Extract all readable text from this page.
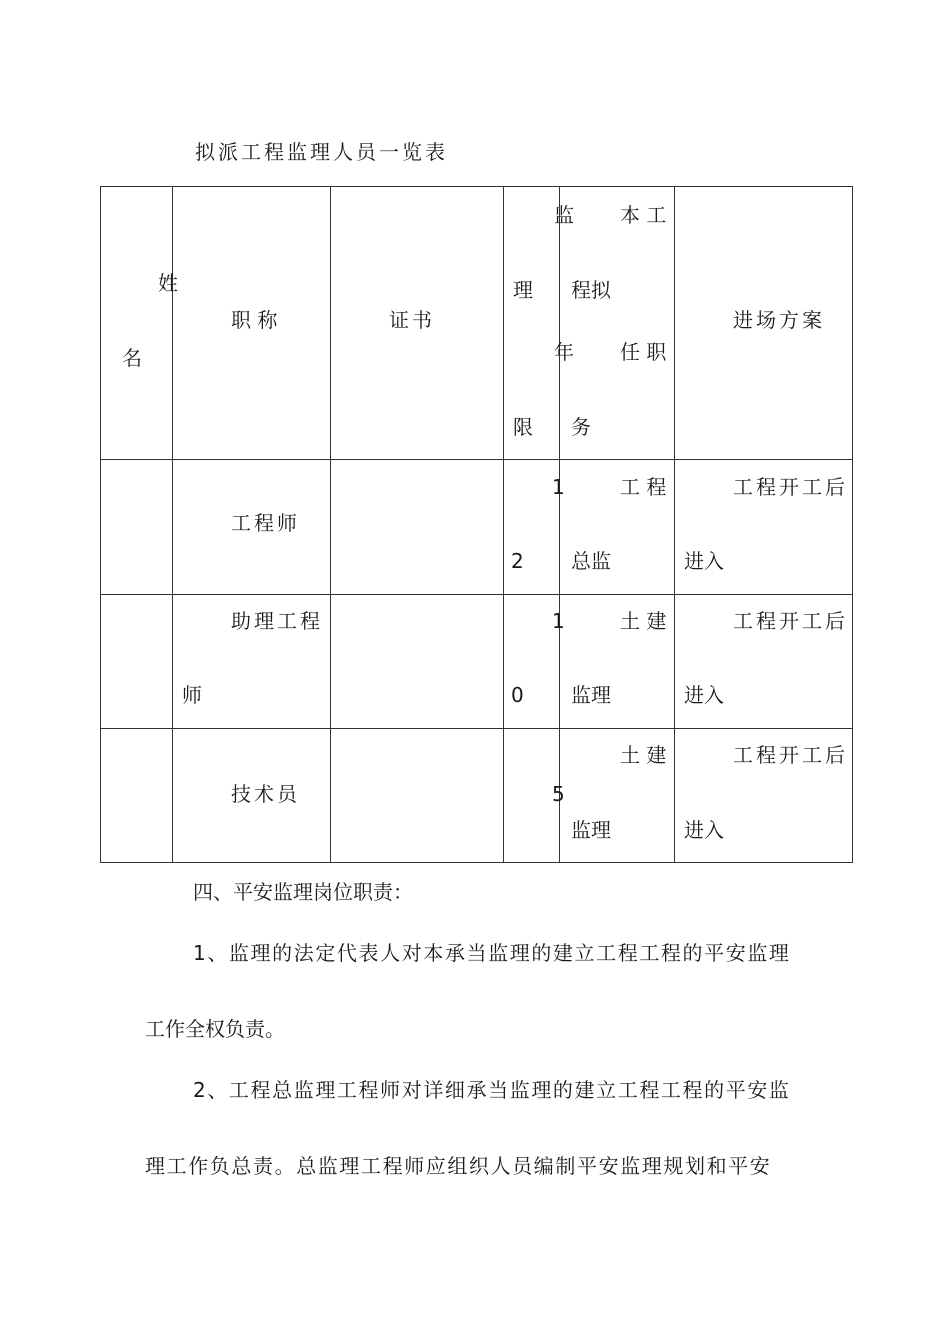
拟派工程监理人员一览表
姓
名
职 称	证书
理
限
监 本 工
程拟
年 任 职
务
进场方案
工程师
1
2
工 程
总监
工程开工后
进入
助理工程
师
1
0
土 建
监理
工程开工后
进入
技术员	5
土 建
监理
工程开工后
进入
四、平安监理岗位职责：
1、监理的法定代表人对本承当监理的建立工程工程的平安监理
工作全权负责。
2、工程总监理工程师对详细承当监理的建立工程工程的平安监
理工作负总责。总监理工程师应组织人员编制平安监理规划和平安
